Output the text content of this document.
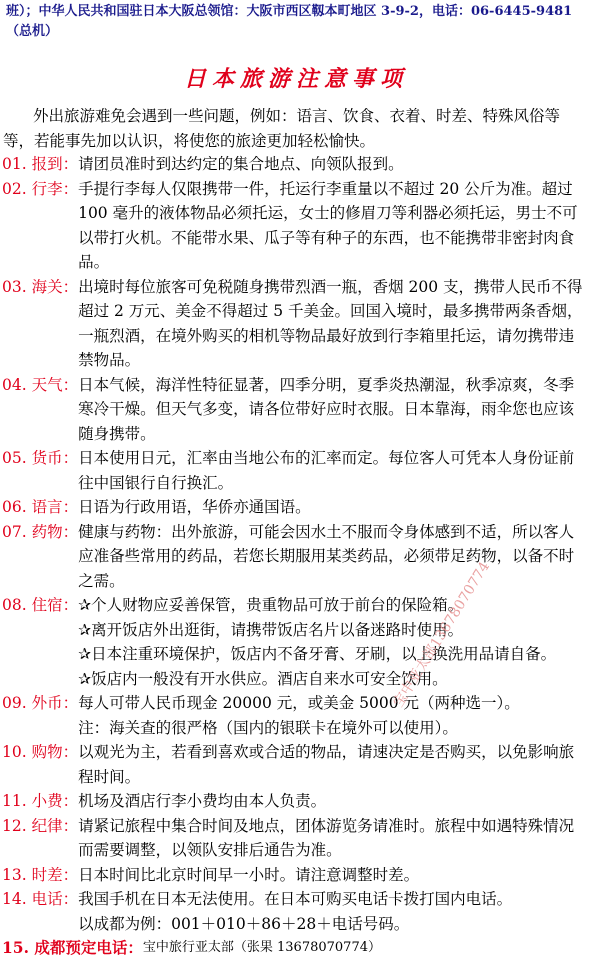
班）；中华人民共和国驻日本大阪总领馆：大阪市西区靱本町地区 3-9-2，电话：06-6445-9481
（总机）
日本旅游注意事项
外出旅游难免会遇到一些问题，例如：语言、饮食、衣着、时差、特殊风俗等等，若能事先加以认识，将使您的旅途更加轻松愉快。
01. 报到： 请团员准时到达约定的集合地点、向领队报到。
02. 行李： 手提行李每人仅限携带一件，托运行李重量以不超过 20 公斤为准。超过 100 毫升的液体物品必须托运，女士的修眉刀等利器必须托运，男士不可以带打火机。不能带水果、瓜子等有种子的东西，也不能携带非密封肉食品。
03. 海关： 出境时每位旅客可免税随身携带烈酒一瓶，香烟 200 支，携带人民币不得超过 2 万元、美金不得超过 5 千美金。回国入境时，最多携带两条香烟，一瓶烈酒，在境外购买的相机等物品最好放到行李箱里托运，请勿携带违禁物品。
04. 天气： 日本气候，海洋性特征显著，四季分明，夏季炎热潮湿，秋季凉爽，冬季寒冷干燥。但天气多变，请各位带好应时衣服。日本靠海，雨伞您也应该随身携带。
05. 货币： 日本使用日元，汇率由当地公布的汇率而定。每位客人可凭本人身份证前往中国银行自行换汇。
06. 语言： 日语为行政用语，华侨亦通国语。
07. 药物： 健康与药物：出外旅游，可能会因水土不服而令身体感到不适，所以客人应准备些常用的药品，若您长期服用某类药品，必须带足药物，以备不时之需。
08. 住宿： ✰个人财物应妥善保管，贵重物品可放于前台的保险箱。
✰离开饭店外出逛街，请携带饭店名片以备迷路时使用。
✰日本注重环境保护，饭店内不备牙膏、牙刷，以上换洗用品请自备。
✰饭店内一般没有开水供应。酒店自来水可安全饮用。
09. 外币： 每人可带人民币现金 20000 元，或美金 5000 元（两种选一）。
注：海关查的很严格（国内的银联卡在境外可以使用）。
10. 购物： 以观光为主，若看到喜欢或合适的物品，请速决定是否购买，以免影响旅程时间。
11. 小费： 机场及酒店行李小费均由本人负责。
12. 纪律： 请紧记旅程中集合时间及地点，团体游览务请准时。旅程中如遇特殊情况而需要调整，以领队安排后通告为准。
13. 时差： 日本时间比北京时间早一小时。请注意调整时差。
14. 电话： 我国手机在日本无法使用。在日本可购买电话卡拨打国内电话。
以成都为例：001＋010＋86＋28＋电话号码。
15. 成都预定电话： 宝中旅行亚太部（张果 13678070774）
宝中亚太部13678070774
